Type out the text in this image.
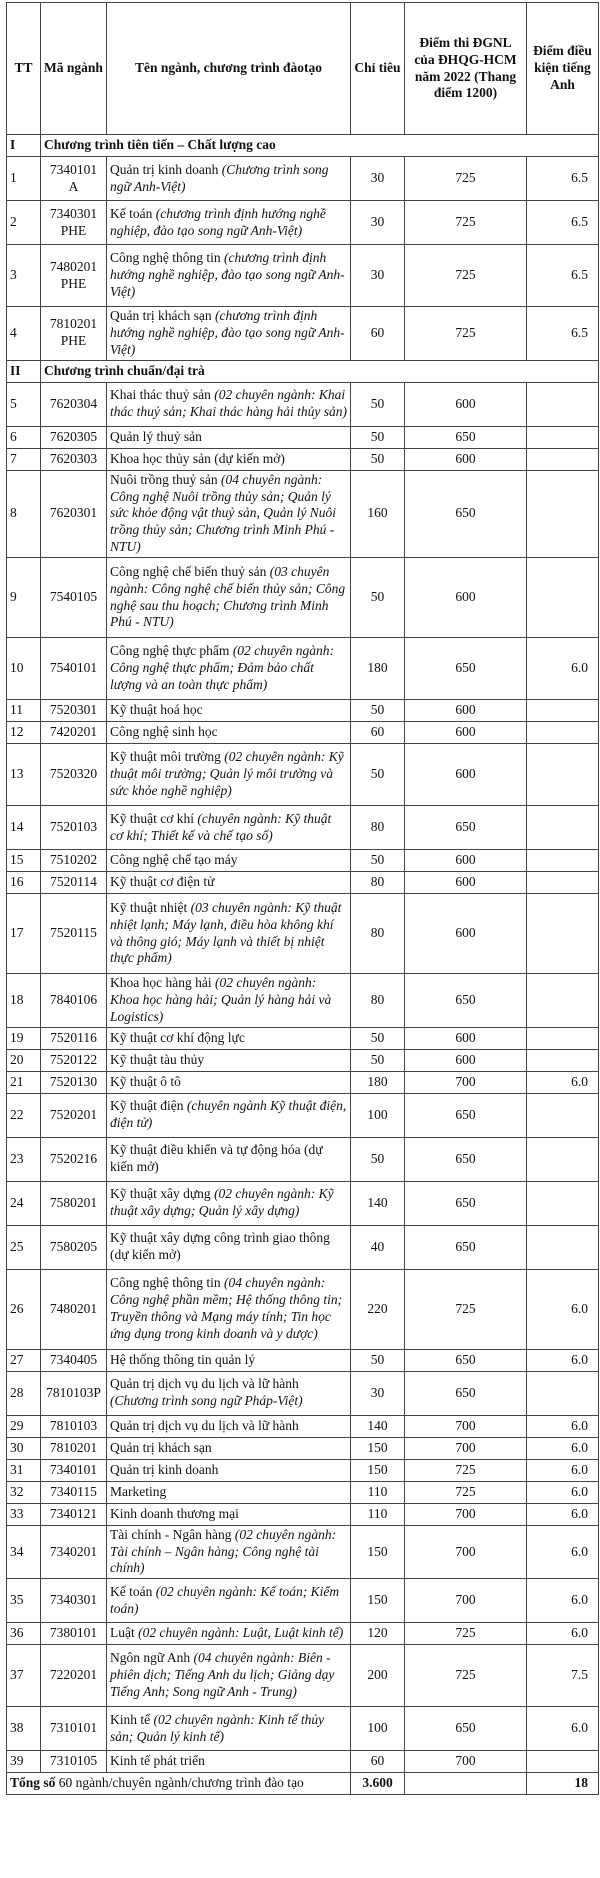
TT	Mã ngành	Tên ngành, chương trình đàotạo	Chỉ tiêu	Điểm thi ĐGNL của ĐHQG-HCM năm 2022 (Thang điểm 1200)	Điểm điều kiện tiếng Anh
I	Chương trình tiên tiến – Chất lượng cao				
1	7340101 A	Quản trị kinh doanh (Chương trình song ngữ Anh-Việt)	30	725	6.5
2	7340301 PHE	Kế toán (chương trình định hướng nghề nghiệp, đào tạo song ngữ Anh-Việt)	30	725	6.5
3	7480201 PHE	Công nghệ thông tin (chương trình định hướng nghề nghiệp, đào tạo song ngữ Anh-Việt)	30	725	6.5
4	7810201 PHE	Quản trị khách sạn (chương trình định hướng nghề nghiệp, đào tạo song ngữ Anh-Việt)	60	725	6.5
II	Chương trình chuẩn/đại trà				
5	7620304	Khai thác thuỷ sản (02 chuyên ngành: Khai thác thuỷ sản; Khai thác hàng hải thủy sản)	50	600	
6	7620305	Quản lý thuỷ sản	50	650	
7	7620303	Khoa học thủy sản (dự kiến mở)	50	600	
8	7620301	Nuôi trồng thuỷ sản (04 chuyên ngành: Công nghệ Nuôi trồng thủy sản; Quản lý sức khỏe động vật thuỷ sản, Quản lý Nuôi trồng thủy sản; Chương trình Minh Phú - NTU)	160	650	
9	7540105	Công nghệ chế biến thuỷ sản (03 chuyên ngành: Công nghệ chế biến thủy sản; Công nghệ sau thu hoạch; Chương trình Minh Phú - NTU)	50	600	
10	7540101	Công nghệ thực phẩm (02 chuyên ngành: Công nghệ thực phẩm; Đảm bảo chất lượng và an toàn thực phẩm)	180	650	6.0
11	7520301	Kỹ thuật hoá học	50	600	
12	7420201	Công nghệ sinh học	60	600	
13	7520320	Kỹ thuật môi trường (02 chuyên ngành: Kỹ thuật môi trường; Quản lý môi trường và sức khỏe nghề nghiệp)	50	600	
14	7520103	Kỹ thuật cơ khí (chuyên ngành: Kỹ thuật cơ khí; Thiết kế và chế tạo số)	80	650	
15	7510202	Công nghệ chế tạo máy	50	600	
16	7520114	Kỹ thuật cơ điện tử	80	600	
17	7520115	Kỹ thuật nhiệt (03 chuyên ngành: Kỹ thuật nhiệt lạnh; Máy lạnh, điều hòa không khí và thông gió; Máy lạnh và thiết bị nhiệt thực phẩm)	80	600	
18	7840106	Khoa học hàng hải (02 chuyên ngành: Khoa học hàng hải; Quản lý hàng hải và Logistics)	80	650	
19	7520116	Kỹ thuật cơ khí động lực	50	600	
20	7520122	Kỹ thuật tàu thủy	50	600	
21	7520130	Kỹ thuật ô tô	180	700	6.0
22	7520201	Kỹ thuật điện (chuyên ngành Kỹ thuật điện, điện tử)	100	650	
23	7520216	Kỹ thuật điều khiển và tự động hóa (dự kiến mở)	50	650	
24	7580201	Kỹ thuật xây dựng (02 chuyên ngành: Kỹ thuật xây dựng; Quản lý xây dựng)	140	650	
25	7580205	Kỹ thuật xây dựng công trình giao thông (dự kiến mở)	40	650	
26	7480201	Công nghệ thông tin (04 chuyên ngành: Công nghệ phần mềm; Hệ thống thông tin; Truyền thông và Mạng máy tính; Tin học ứng dụng trong kinh doanh và y dược)	220	725	6.0
27	7340405	Hệ thống thông tin quản lý	50	650	6.0
28	7810103P	Quản trị dịch vụ du lịch và lữ hành (Chương trình song ngữ Pháp-Việt)	30	650	
29	7810103	Quản trị dịch vụ du lịch và lữ hành	140	700	6.0
30	7810201	Quản trị khách sạn	150	700	6.0
31	7340101	Quản trị kinh doanh	150	725	6.0
32	7340115	Marketing	110	725	6.0
33	7340121	Kinh doanh thương mại	110	700	6.0
34	7340201	Tài chính - Ngân hàng (02 chuyên ngành: Tài chính – Ngân hàng; Công nghệ tài chính)	150	700	6.0
35	7340301	Kế toán (02 chuyên ngành: Kế toán; Kiểm toán)	150	700	6.0
36	7380101	Luật (02 chuyên ngành: Luật, Luật kinh tế)	120	725	6.0
37	7220201	Ngôn ngữ Anh (04 chuyên ngành: Biên - phiên dịch; Tiếng Anh du lịch; Giảng dạy Tiếng Anh; Song ngữ Anh - Trung)	200	725	7.5
38	7310101	Kinh tế (02 chuyên ngành: Kinh tế thủy sản; Quản lý kinh tế)	100	650	6.0
39	7310105	Kinh tế phát triển	60	700	
Tổng số 60 ngành/chuyên ngành/chương trình đào tạo			3.600		18
